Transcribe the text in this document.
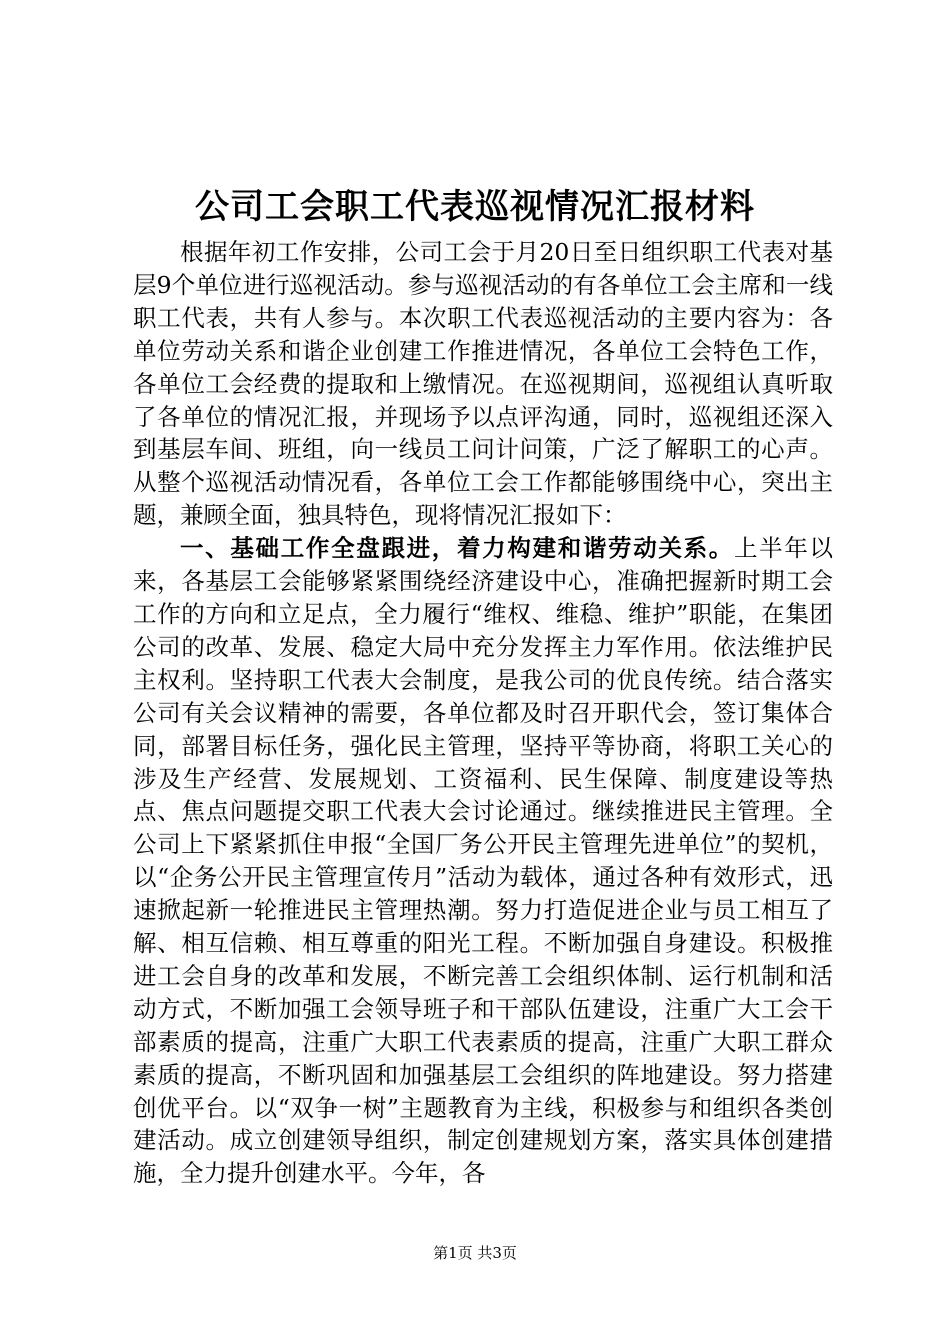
公司工会职工代表巡视情况汇报材料

根据年初工作安排，公司工会于月20日至日组织职工代表对基层9个单位进行巡视活动。参与巡视活动的有各单位工会主席和一线职工代表，共有人参与。本次职工代表巡视活动的主要内容为：各单位劳动关系和谐企业创建工作推进情况，各单位工会特色工作，各单位工会经费的提取和上缴情况。在巡视期间，巡视组认真听取了各单位的情况汇报，并现场予以点评沟通，同时，巡视组还深入到基层车间、班组，向一线员工问计问策，广泛了解职工的心声。从整个巡视活动情况看，各单位工会工作都能够围绕中心，突出主题，兼顾全面，独具特色，现将情况汇报如下：

一、基础工作全盘跟进，着力构建和谐劳动关系。上半年以来，各基层工会能够紧紧围绕经济建设中心，准确把握新时期工会工作的方向和立足点，全力履行“维权、维稳、维护”职能，在集团公司的改革、发展、稳定大局中充分发挥主力军作用。依法维护民主权利。坚持职工代表大会制度，是我公司的优良传统。结合落实公司有关会议精神的需要，各单位都及时召开职代会，签订集体合同，部署目标任务，强化民主管理，坚持平等协商，将职工关心的涉及生产经营、发展规划、工资福利、民生保障、制度建设等热点、焦点问题提交职工代表大会讨论通过。继续推进民主管理。全公司上下紧紧抓住申报“全国厂务公开民主管理先进单位”的契机，以“企务公开民主管理宣传月”活动为载体，通过各种有效形式，迅速掀起新一轮推进民主管理热潮。努力打造促进企业与员工相互了解、相互信赖、相互尊重的阳光工程。不断加强自身建设。积极推进工会自身的改革和发展，不断完善工会组织体制、运行机制和活动方式，不断加强工会领导班子和干部队伍建设，注重广大工会干部素质的提高，注重广大职工代表素质的提高，注重广大职工群众素质的提高，不断巩固和加强基层工会组织的阵地建设。努力搭建创优平台。以“双争一树”主题教育为主线，积极参与和组织各类创建活动。成立创建领导组织，制定创建规划方案，落实具体创建措施，全力提升创建水平。今年，各

第1页 共3页
